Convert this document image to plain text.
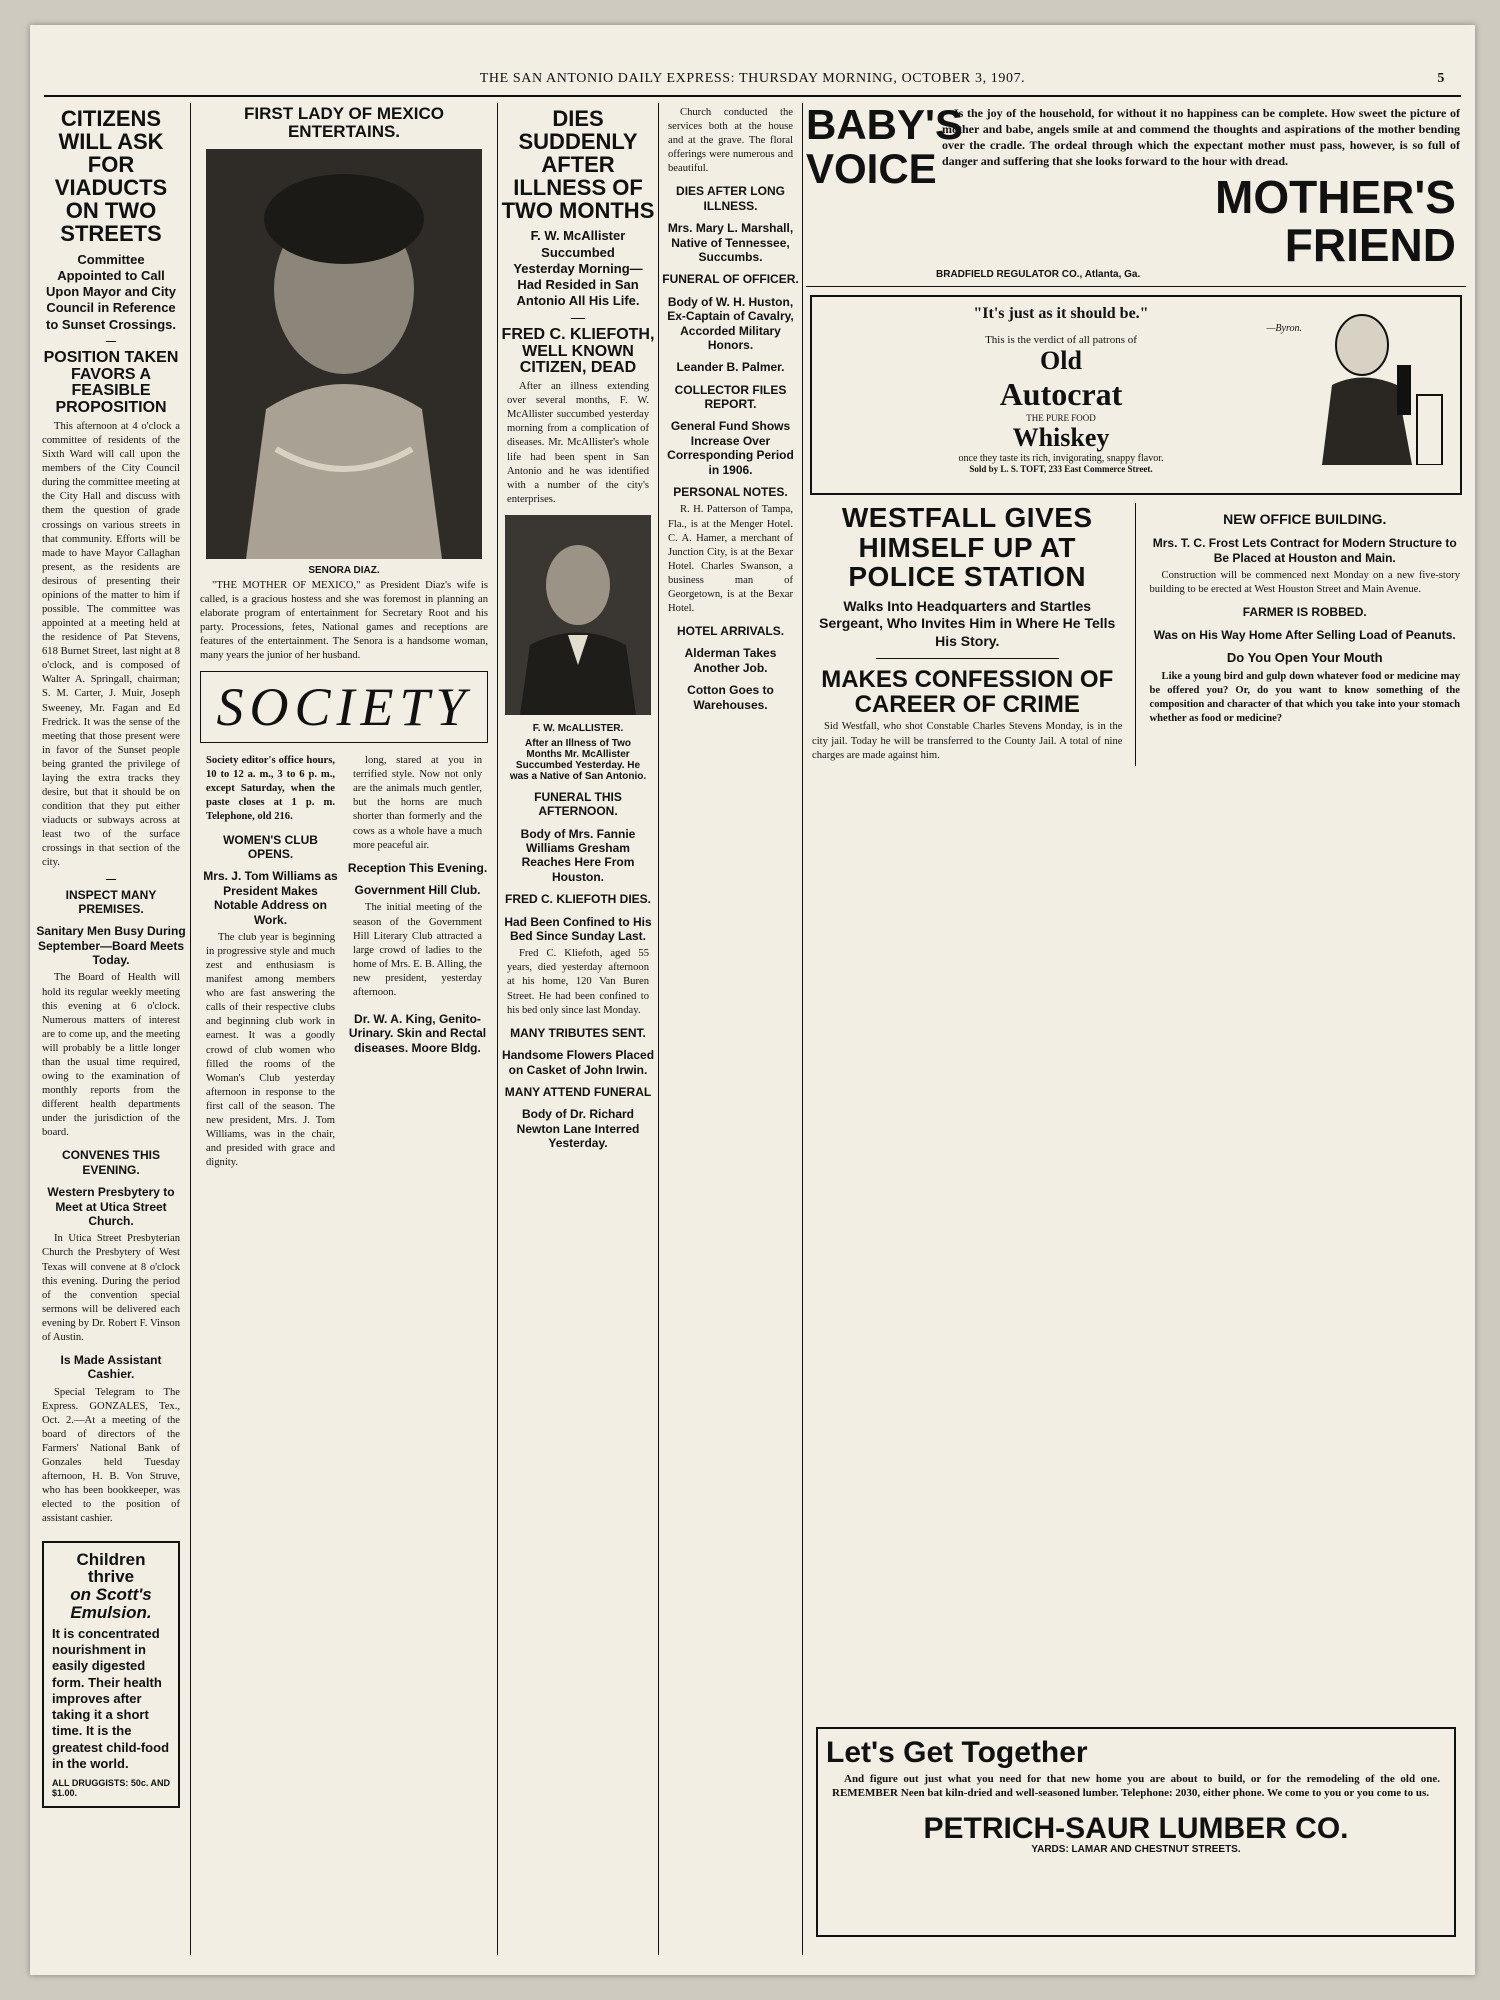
THE SAN ANTONIO DAILY EXPRESS: THURSDAY MORNING, OCTOBER 3, 1907.	5
CITIZENS WILL ASK FOR VIADUCTS ON TWO STREETS
Committee Appointed to Call Upon Mayor and City Council in Reference to Sunset Crossings.
POSITION TAKEN FAVORS A FEASIBLE PROPOSITION

This afternoon at 4 o'clock a committee of residents of the Sixth Ward will call upon the members of the City Council during the committee meeting at the City Hall and discuss with them the question of grade crossings on various streets in that community. Efforts will be made to have Mayor Callaghan present, as the residents are desirous of presenting their opinions of the matter to him if possible. The committee was appointed at a meeting held at the residence of Pat Stevens, 618 Burnet Street, last night at 8 o'clock, and is composed of Walter A. Springall, chairman; S. M. Carter, J. Muir, Joseph Sweeney, Mr. Fagan and Ed Fredrick. It was the sense of the meeting that those present were in favor of the Sunset people being granted the privilege of laying the extra tracks they desire, but that it should be on condition that they put either viaducts or subways across at least two of the surface crossings in that section of the city.

INSPECT MANY PREMISES.
Sanitary Men Busy During September—Board Meets Today.

The Board of Health will hold its regular weekly meeting this evening at 6 o'clock. Numerous matters of interest are to come up, and the meeting will probably be a little longer than the usual time required, owing to the examination of monthly reports from the different health departments under the jurisdiction of the board.

CONVENES THIS EVENING.
Western Presbytery to Meet at Utica Street Church.

In Utica Street Presbyterian Church the Presbytery of West Texas will convene at 8 o'clock this evening. During the period of the convention special sermons will be delivered each evening by Dr. Robert F. Vinson of Austin.

Is Made Assistant Cashier.

Special Telegram to The Express. GONZALES, Tex., Oct. 2.—At a meeting of the board of directors of the Farmers' National Bank of Gonzales held Tuesday afternoon, H. B. Von Struve, who has been bookkeeper, was elected to the position of assistant cashier.

Children thrive
on Scott's
Emulsion.
It is concentrated nourishment in easily digested form. Their health improves after taking it a short time. It is the greatest child-food in the world.
ALL DRUGGISTS: 50c. AND $1.00.
FIRST LADY OF MEXICO ENTERTAINS.
SENORA DIAZ.

"THE MOTHER OF MEXICO," as President Diaz's wife is called, is a gracious hostess and she was foremost in planning an elaborate program of entertainment for Secretary Root and his party. Processions, fetes, National games and receptions are features of the entertainment. The Senora is a handsome woman, many years the junior of her husband.

SOCIETY

Society editor's office hours, 10 to 12 a. m., 3 to 6 p. m., except Saturday, when the paste closes at 1 p. m. Telephone, old 216.

WOMEN'S CLUB OPENS.
Mrs. J. Tom Williams as President Makes Notable Address on Work.

The club year is beginning in progressive style and much zest and enthusiasm is manifest among members who are fast answering the calls of their respective clubs and beginning club work in earnest. It was a goodly crowd of club women who filled the rooms of the Woman's Club yesterday afternoon in response to the first call of the season. The new president, Mrs. J. Tom Williams, was in the chair, and presided with grace and dignity.

long, stared at you in terrified style. Now not only are the animals much gentler, but the horns are much shorter than formerly and the cows as a whole have a much more peaceful air.

Reception This Evening.
Government Hill Club.

The initial meeting of the season of the Government Hill Literary Club attracted a large crowd of ladies to the home of Mrs. E. B. Alling, the new president, yesterday afternoon.

Dr. W. A. King, Genito-Urinary. Skin and Rectal diseases. Moore Bldg.
DIES SUDDENLY AFTER ILLNESS OF TWO MONTHS
F. W. McAllister Succumbed Yesterday Morning—Had Resided in San Antonio All His Life.
FRED C. KLIEFOTH, WELL KNOWN CITIZEN, DEAD

After an illness extending over several months, F. W. McAllister succumbed yesterday morning from a complication of diseases. Mr. McAllister's whole life had been spent in San Antonio and he was identified with a number of the city's enterprises.

F. W. McALLISTER.
After an Illness of Two Months Mr. McAllister Succumbed Yesterday. He was a Native of San Antonio.
FUNERAL THIS AFTERNOON.
Body of Mrs. Fannie Williams Gresham Reaches Here From Houston.
FRED C. KLIEFOTH DIES.
Had Been Confined to His Bed Since Sunday Last.

Fred C. Kliefoth, aged 55 years, died yesterday afternoon at his home, 120 Van Buren Street. He had been confined to his bed only since last Monday.

MANY TRIBUTES SENT.
Handsome Flowers Placed on Casket of John Irwin.
MANY ATTEND FUNERAL
Body of Dr. Richard Newton Lane Interred Yesterday.

Church conducted the services both at the house and at the grave. The floral offerings were numerous and beautiful.

DIES AFTER LONG ILLNESS.
Mrs. Mary L. Marshall, Native of Tennessee, Succumbs.
FUNERAL OF OFFICER.
Body of W. H. Huston, Ex-Captain of Cavalry, Accorded Military Honors.
Leander B. Palmer.
COLLECTOR FILES REPORT.
General Fund Shows Increase Over Corresponding Period in 1906.
PERSONAL NOTES.

R. H. Patterson of Tampa, Fla., is at the Menger Hotel. C. A. Hamer, a merchant of Junction City, is at the Bexar Hotel. Charles Swanson, a business man of Georgetown, is at the Bexar Hotel.

HOTEL ARRIVALS.
Alderman Takes Another Job.
Cotton Goes to Warehouses.
BABY'S
VOICE

Is the joy of the household, for without it no happiness can be complete. How sweet the picture of mother and babe, angels smile at and commend the thoughts and aspirations of the mother bending over the cradle. The ordeal through which the expectant mother must pass, however, is so full of danger and suffering that she looks forward to the hour with dread.

MOTHER'S
FRIEND
BRADFIELD REGULATOR CO., Atlanta, Ga.
"It's just as it should be."
—Byron.
This is the verdict of all patrons of
Old
Autocrat
THE PURE FOOD
Whiskey
once they taste its rich, invigorating, snappy flavor.
Sold by L. S. TOFT, 233 East Commerce Street.
WESTFALL GIVES HIMSELF UP AT POLICE STATION
Walks Into Headquarters and Startles Sergeant, Who Invites Him in Where He Tells His Story.
MAKES CONFESSION OF CAREER OF CRIME

Sid Westfall, who shot Constable Charles Stevens Monday, is in the city jail. Today he will be transferred to the County Jail. A total of nine charges are made against him.

NEW OFFICE BUILDING.
Mrs. T. C. Frost Lets Contract for Modern Structure to Be Placed at Houston and Main.

Construction will be commenced next Monday on a new five-story building to be erected at West Houston Street and Main Avenue.

FARMER IS ROBBED.
Was on His Way Home After Selling Load of Peanuts.
Do You Open Your Mouth

Like a young bird and gulp down whatever food or medicine may be offered you? Or, do you want to know something of the composition and character of that which you take into your stomach whether as food or medicine?

Let's Get Together

And figure out just what you need for that new home you are about to build, or for the remodeling of the old one. REMEMBER Neen bat kiln-dried and well-seasoned lumber. Telephone: 2030, either phone. We come to you or you come to us.

PETRICH-SAUR LUMBER CO.
YARDS: LAMAR AND CHESTNUT STREETS.
